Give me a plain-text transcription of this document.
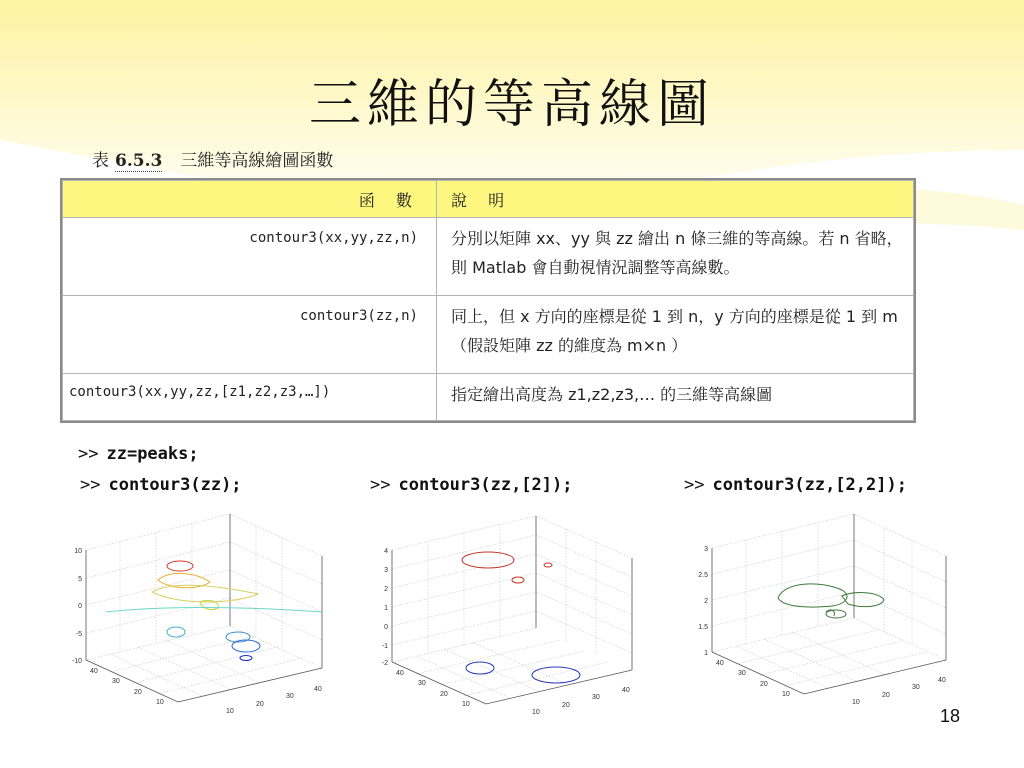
三維的等高線圖
表 6.5.3 三維等高線繪圖函數
函 數	說 明
contour3(xx,yy,zz,n)	分別以矩陣 xx、yy 與 zz 繪出 n 條三維的等高線。若 n 省略，則 Matlab 會自動視情況調整等高線數。
contour3(zz,n)	同上，但 x 方向的座標是從 1 到 n，y 方向的座標是從 1 到 m（假設矩陣 zz 的維度為 m×n ）
contour3(xx,yy,zz,[z1,z2,z3,…])	指定繪出高度為 z1,z2,z3,… 的三維等高線圖
>> zz=peaks;
>> contour3(zz);	>> contour3(zz,[2]);	>> contour3(zz,[2,2]);
10
5
0
-5
-10
10
20
30
40
10
20
30
40
4
3
2
1
0
-1
-2
10
20
30
40
10
20
30
40
3
2.5
2
1.5
1
10
20
30
40
10
20
30
40
18
